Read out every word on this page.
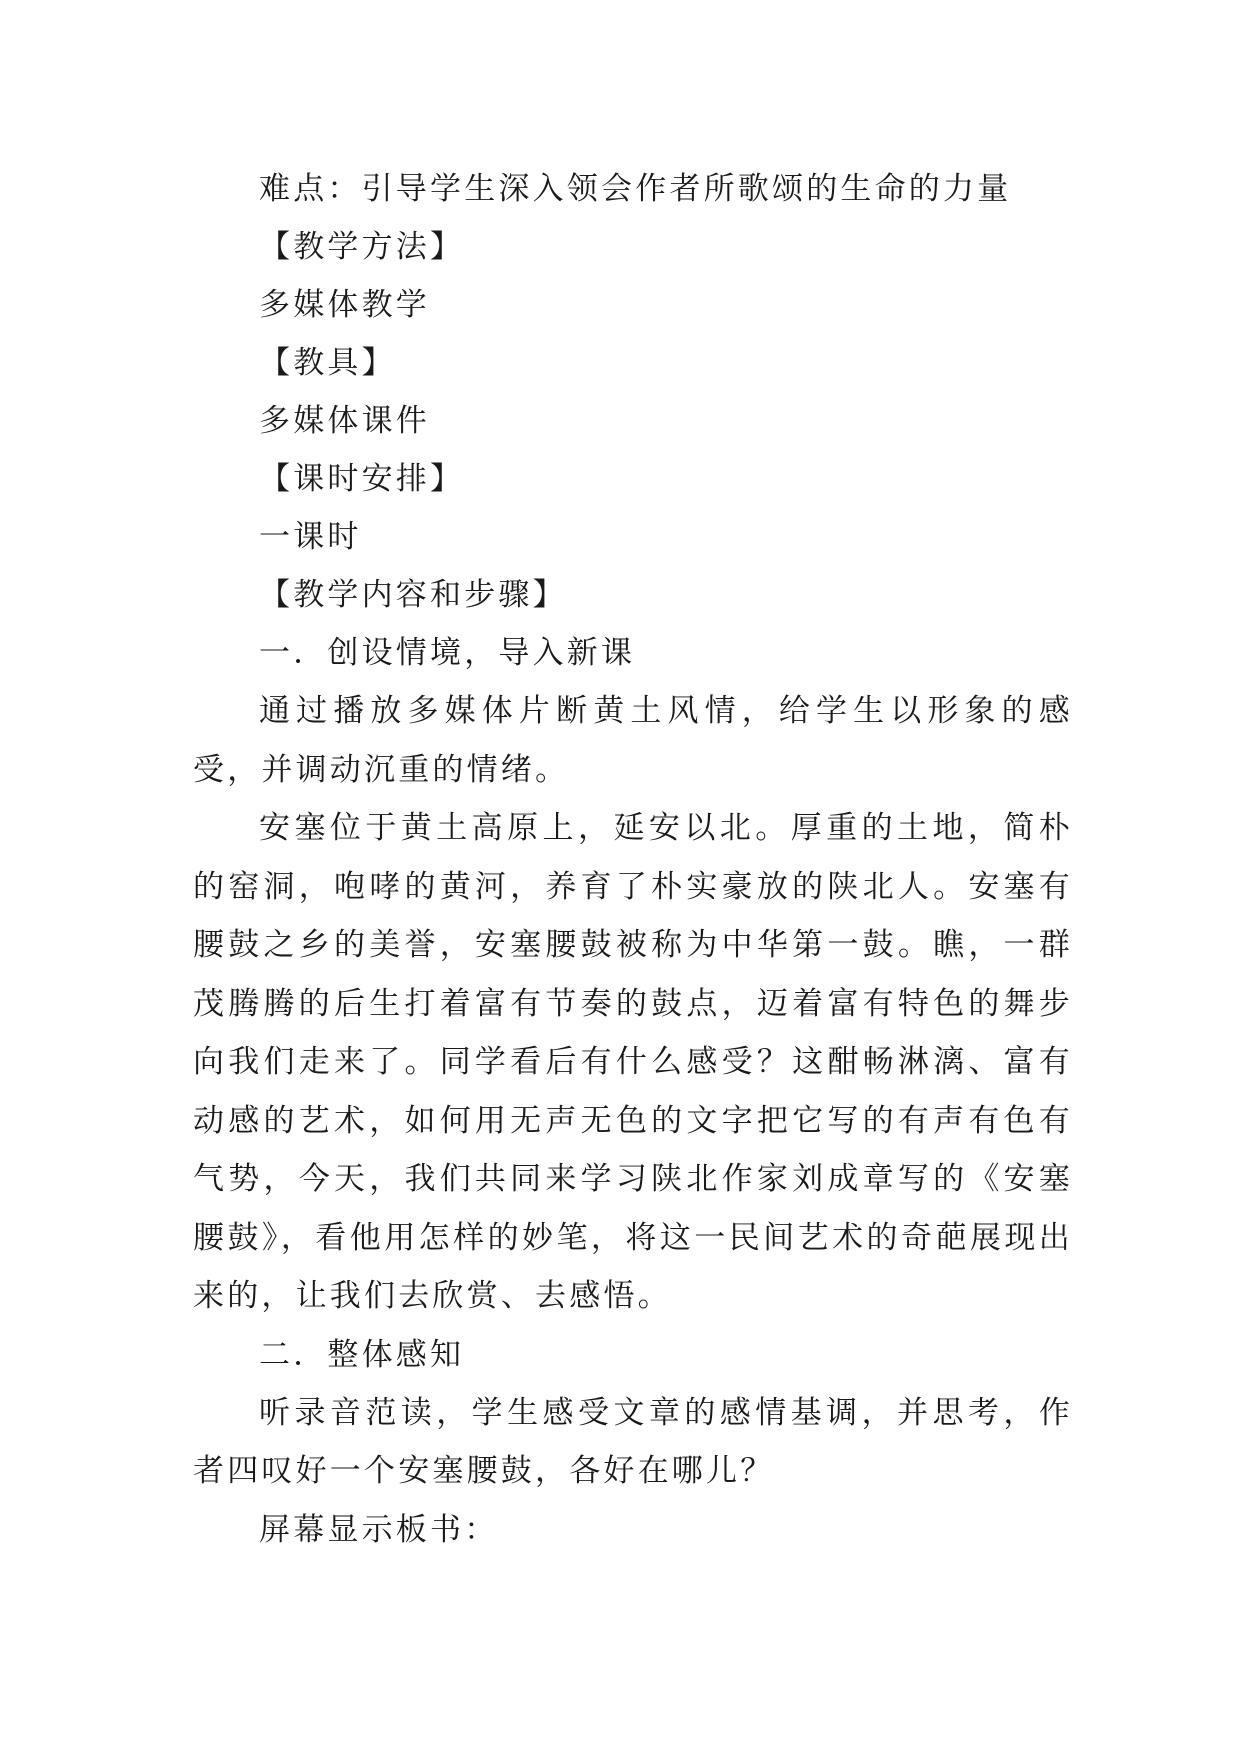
难点：引导学生深入领会作者所歌颂的生命的力量
【教学方法】
多媒体教学
【教具】
多媒体课件
【课时安排】
一课时
【教学内容和步骤】
一．创设情境，导入新课

通过播放多媒体片断黄土风情，给学生以形象的感受，并调动沉重的情绪。

安塞位于黄土高原上，延安以北。厚重的土地，简朴的窑洞，咆哮的黄河，养育了朴实豪放的陕北人。安塞有腰鼓之乡的美誉，安塞腰鼓被称为中华第一鼓。瞧，一群茂腾腾的后生打着富有节奏的鼓点，迈着富有特色的舞步向我们走来了。同学看后有什么感受？这酣畅淋漓、富有动感的艺术，如何用无声无色的文字把它写的有声有色有气势，今天，我们共同来学习陕北作家刘成章写的《安塞腰鼓》，看他用怎样的妙笔，将这一民间艺术的奇葩展现出来的，让我们去欣赏、去感悟。

二．整体感知

听录音范读，学生感受文章的感情基调，并思考，作者四叹好一个安塞腰鼓，各好在哪儿？

屏幕显示板书：
